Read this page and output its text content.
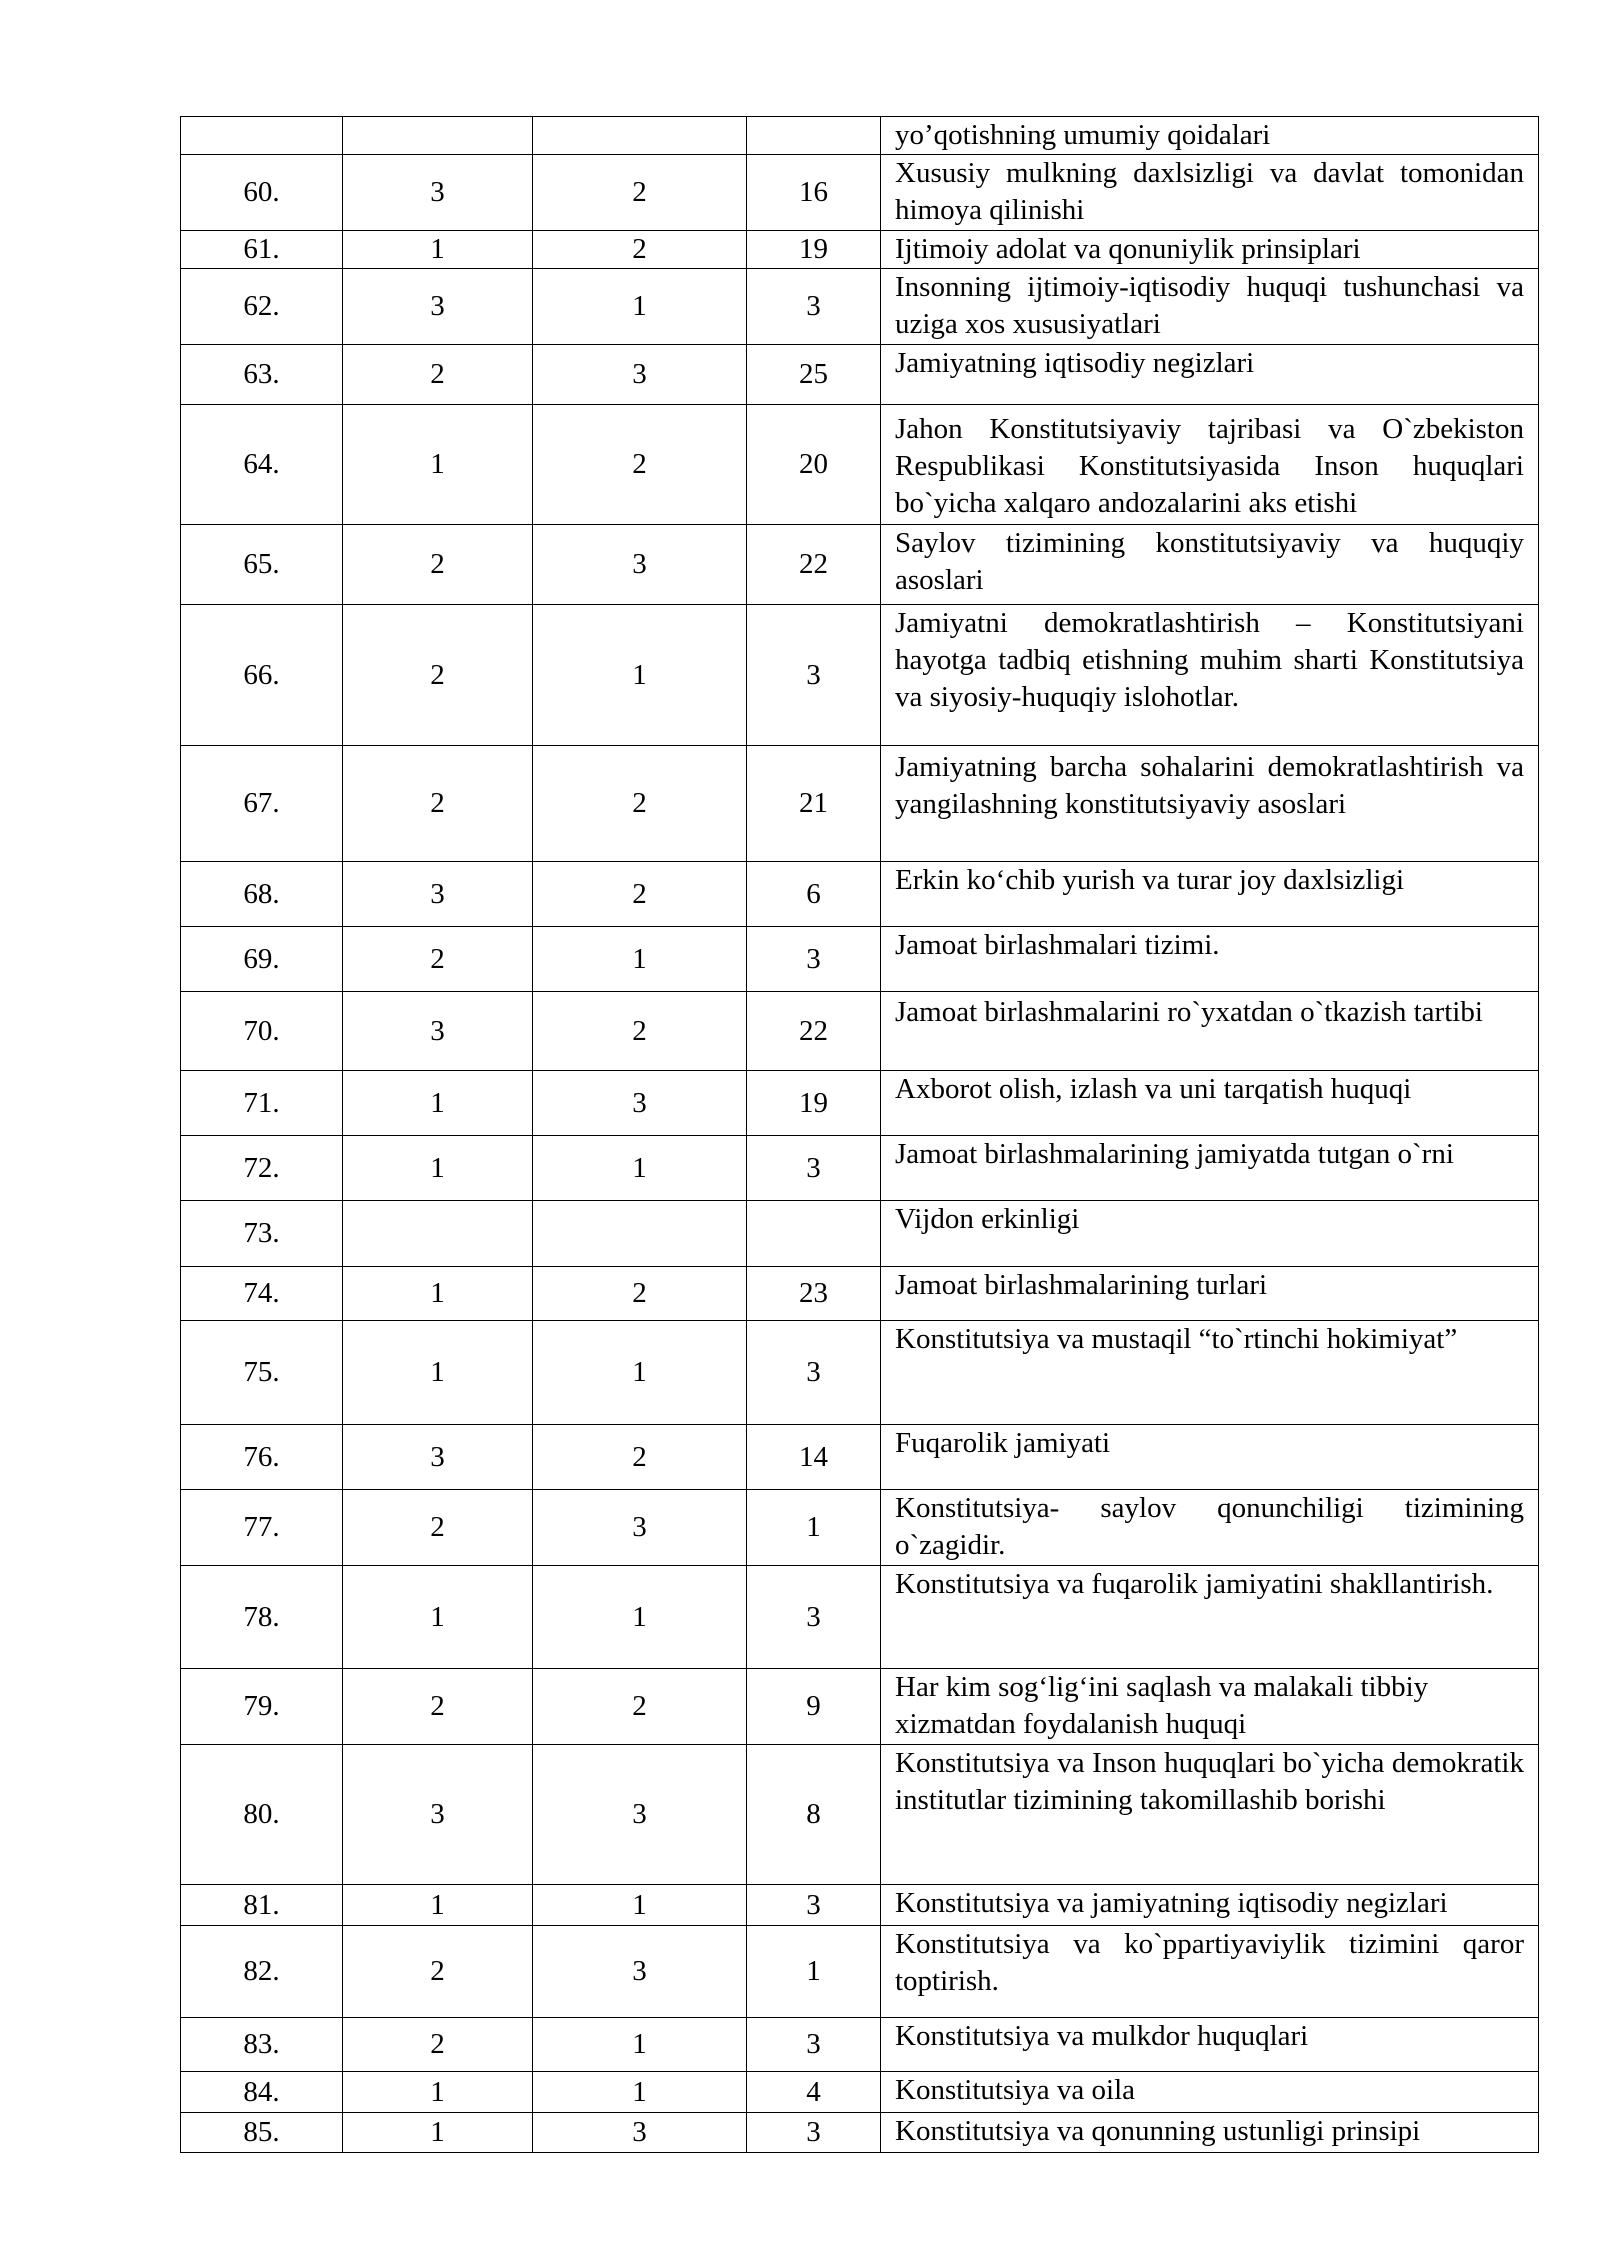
				yo’qotishning umumiy qoidalari

60.	3	2	16	Xususiy mulkning daxlsizligi va davlat tomonidan himoya qilinishi

61.	1	2	19	Ijtimoiy adolat va qonuniylik prinsiplari

62.	3	1	3	Insonning ijtimoiy-iqtisodiy huquqi tushunchasi va uziga xos xususiyatlari

63.	2	3	25	Jamiyatning iqtisodiy negizlari

64.	1	2	20	Jahon Konstitutsiyaviy tajribasi va O`zbekiston Respublikasi Konstitutsiyasida Inson huquqlari bo`yicha xalqaro andozalarini aks etishi

65.	2	3	22	Saylov tizimining konstitutsiyaviy va huquqiy asoslari

66.	2	1	3	Jamiyatni demokratlashtirish – Konstitutsiyani hayotga tadbiq etishning muhim sharti Konstitutsiya va siyosiy-huquqiy islohotlar.

67.	2	2	21	Jamiyatning barcha sohalarini demokratlashtirish va yangilashning konstitutsiyaviy asoslari

68.	3	2	6	Erkin ko‘chib yurish va turar joy daxlsizligi

69.	2	1	3	Jamoat birlashmalari tizimi.

70.	3	2	22	Jamoat birlashmalarini ro`yxatdan o`tkazish tartibi

71.	1	3	19	Axborot olish, izlash va uni tarqatish huquqi

72.	1	1	3	Jamoat birlashmalarining jamiyatda tutgan o`rni

73.				Vijdon erkinligi

74.	1	2	23	Jamoat birlashmalarining turlari

75.	1	1	3	Konstitutsiya va mustaqil “to`rtinchi hokimiyat”

76.	3	2	14	Fuqarolik jamiyati

77.	2	3	1	Konstitutsiya- saylov qonunchiligi tizimining o`zagidir.

78.	1	1	3	Konstitutsiya va fuqarolik jamiyatini shakllantirish.

79.	2	2	9	Har kim sog‘lig‘ini saqlash va malakali tibbiy xizmatdan foydalanish huquqi

80.	3	3	8	Konstitutsiya va Inson huquqlari bo`yicha demokratik institutlar tizimining takomillashib borishi

81.	1	1	3	Konstitutsiya va jamiyatning iqtisodiy negizlari

82.	2	3	1	Konstitutsiya va ko`ppartiyaviylik tizimini qaror toptirish.

83.	2	1	3	Konstitutsiya va mulkdor huquqlari

84.	1	1	4	Konstitutsiya va oila

85.	1	3	3	Konstitutsiya va qonunning ustunligi prinsipi
